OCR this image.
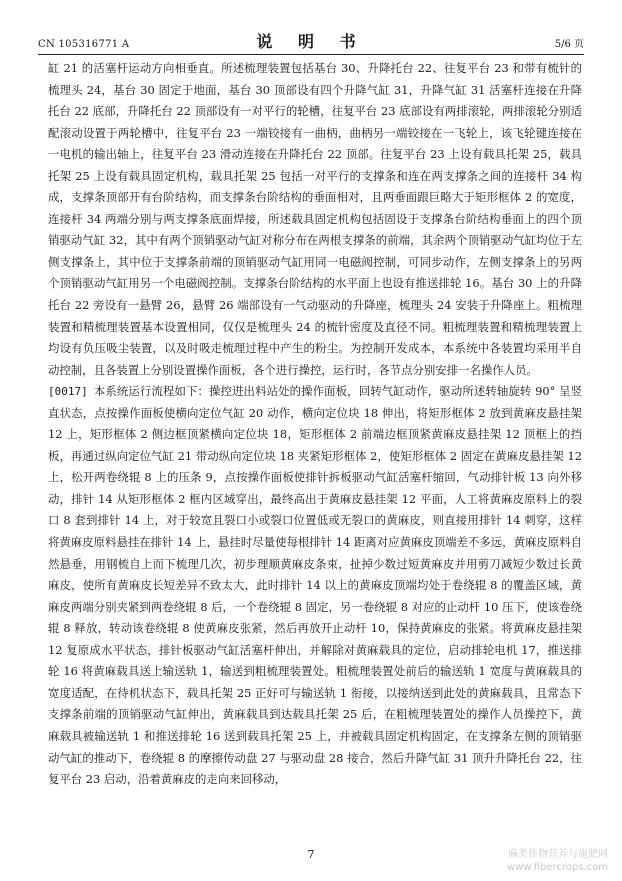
CN 105316771 A	说 明 书	5/6 页

缸 21 的活塞杆运动方向相垂直。所述梳理装置包括基台 30、升降托台 22、往复平台 23 和带有梳针的梳理头 24，基台 30 固定于地面，基台 30 顶部设有四个升降气缸 31，升降气缸 31 活塞杆连接在升降托台 22 底部，升降托台 22 顶部设有一对平行的轮槽，往复平台 23 底部设有两排滚轮，两排滚轮分别适配滚动设置于两轮槽中，往复平台 23 一端铰接有一曲柄，曲柄另一端铰接在一飞轮上，该飞轮键连接在一电机的输出轴上，往复平台 23 滑动连接在升降托台 22 顶部。往复平台 23 上设有载具托架 25，载具托架 25 上设有载具固定机构，载具托架 25 包括一对平行的支撑条和连在两支撑条之间的连接杆 34 构成，支撑条顶部开有台阶结构，而支撑条台阶结构的垂面相对，且两垂面跟巨略大于矩形框体 2 的宽度，连接杆 34 两端分别与两支撑条底面焊接，所述载具固定机构包括固设于支撑条台阶结构垂面上的四个顶销驱动气缸 32，其中有两个顶销驱动气缸对称分布在两根支撑条的前端，其余两个顶销驱动气缸均位于左侧支撑条上，其中位于支撑条前端的顶销驱动气缸用同一电磁阀控制，可同步动作，左侧支撑条上的另两个顶销驱动气缸用另一个电磁阀控制。支撑条台阶结构的水平面上也设有推送排轮 16。基台 30 上的升降托台 22 旁设有一悬臂 26，悬臂 26 端部设有一气动驱动的升降座，梳理头 24 安装于升降座上。粗梳理装置和精梳理装置基本设置相同，仅仅是梳理头 24 的梳针密度及直径不同。粗梳理装置和精梳理装置上均设有负压吸尘装置，以及时吸走梳理过程中产生的粉尘。为控制开发成本，本系统中各装置均采用半自动控制，且各装置上分别设置操作面板，各个进行操控，运行时，各节点分别安排一名操作人员。

[0017] 本系统运行流程如下：操控进出料站处的操作面板，回转气缸动作，驱动所述转轴旋转 90° 呈竖直状态，点按操作面板使横向定位气缸 20 动作，横向定位块 18 伸出，将矩形框体 2 放到黄麻皮悬挂架 12 上，矩形框体 2 侧边框顶紧横向定位块 18，矩形框体 2 前端边框顶紧黄麻皮悬挂架 12 顶框上的挡板，再通过纵向定位气缸 21 带动纵向定位块 18 夹紧矩形框体 2，使矩形框体 2 固定在黄麻皮悬挂架 12 上，松开两卷绕辊 8 上的压条 9，点按操作面板使排针拆板驱动气缸活塞杆缩回，气动排针板 13 向外移动，排针 14 从矩形框体 2 框内区域穿出，最终高出于黄麻皮悬挂架 12 平面，人工将黄麻皮原料上的裂口 8 套到排针 14 上，对于较宽且裂口小或裂口位置低或无裂口的黄麻皮，则直接用排针 14 刺穿，这样将黄麻皮原料悬挂在排针 14 上，悬挂时尽量使每根排针 14 距离对应黄麻皮顶端差不多远，黄麻皮原料自然悬垂，用钢梳自上而下梳理几次，初步理顺黄麻皮条束，扯掉少数过短黄麻皮并用剪刀减短少数过长黄麻皮，使所有黄麻皮长短差异不致太大，此时排针 14 以上的黄麻皮顶端均处于卷绕辊 8 的覆盖区域，黄麻皮两端分别夹紧到两卷绕辊 8 后，一个卷绕辊 8 固定，另一卷绕辊 8 对应的止动杆 10 压下，使该卷绕辊 8 释放，转动该卷绕辊 8 使黄麻皮张紧，然后再放开止动杆 10，保持黄麻皮的张紧。将黄麻皮悬挂架 12 复原成水平状态，排针板驱动气缸活塞杆伸出，并解除对黄麻载具的定位，启动排轮电机 17，推送排轮 16 将黄麻载具送上输送轨 1，输送到粗梳理装置处。粗梳理装置处前后的输送轨 1 宽度与黄麻载具的宽度适配，在待机状态下，载具托架 25 正好可与输送轨 1 衔接，以接纳送到此处的黄麻载具，且常态下支撑条前端的顶销驱动气缸伸出，黄麻载具到达载具托架 25 后，在粗梳理装置处的操作人员操控下，黄麻载具被输送轨 1 和推送排轮 16 送到载具托架 25 上，并被载具固定机构固定，在支撑条左侧的顶销驱动气缸的推动下，卷绕辊 8 的摩擦传动盘 27 与驱动盘 28 接合，然后升降气缸 31 顶升升降托台 22，往复平台 23 启动，沿着黄麻皮的走向来回移动，

7	麻类作物营养与施肥网
www.fibercrops.com
